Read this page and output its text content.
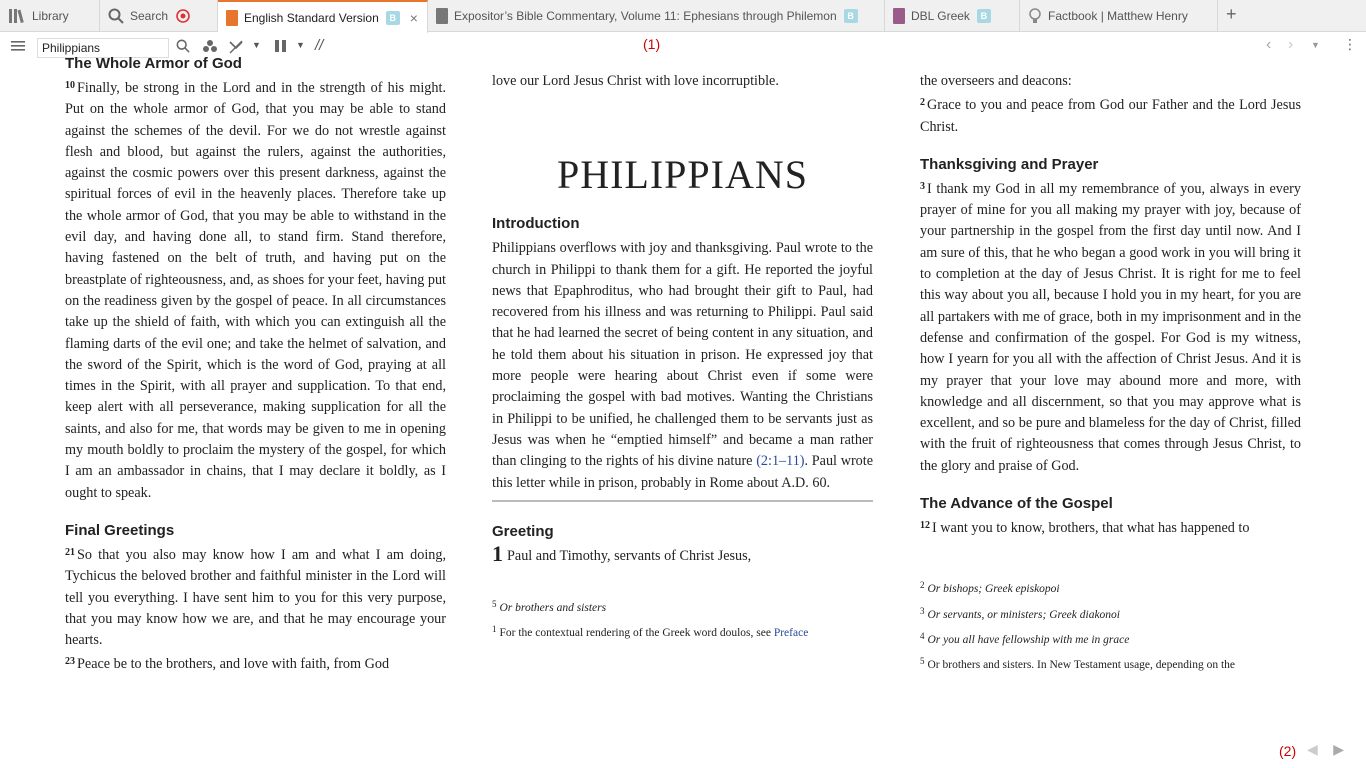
Library	Search	English Standard Version	B ×	Expositor’s Bible Commentary, Volume 11: Ephesians through Philemon	B	DBL Greek	B	Factbook | Matthew Henry +
Philippians
▼	▼ //	(1)	‹ › ▼ ⋮
The Whole Armor of God
$^{10}$ Finally, be strong in the Lord and in the strength of his might. Put on the whole armor of God, that you may be able to stand against the schemes of the devil. For we do not wrestle against flesh and blood, but against the rulers, against the authorities, against the cosmic powers over this present darkness, against the spiritual forces of evil in the heavenly places. Therefore take up the whole armor of God, that you may be able to withstand in the evil day, and having done all, to stand firm. Stand therefore, having fastened on the belt of truth, and having put on the breastplate of righteousness, and, as shoes for your feet, having put on the readiness given by the gospel of peace. In all circumstances take up the shield of faith, with which you can extinguish all the flaming darts of the evil one; and take the helmet of salvation, and the sword of the Spirit, which is the word of God, praying at all times in the Spirit, with all prayer and supplication. To that end, keep alert with all perseverance, making supplication for all the saints, and also for me, that words may be given to me in opening my mouth boldly to proclaim the mystery of the gospel, for which I am an ambassador in chains, that I may declare it boldly, as I ought to speak.
Final Greetings
$^{21}$ So that you also may know how I am and what I am doing, Tychicus the beloved brother and faithful minister in the Lord will tell you everything. I have sent him to you for this very purpose, that you may know how we are, and that he may encourage your hearts.
$^{23}$ Peace be to the brothers, and love with faith, from God
love our Lord Jesus Christ with love incorruptible.
PHILIPPIANS
Introduction
Philippians overflows with joy and thanksgiving. Paul wrote to the church in Philippi to thank them for a gift. He reported the joyful news that Epaphroditus, who had brought their gift to Paul, had recovered from his illness and was returning to Philippi. Paul said that he had learned the secret of being content in any situation, and he told them about his situation in prison. He expressed joy that more people were hearing about Christ even if some were proclaiming the gospel with bad motives. Wanting the Christians in Philippi to be unified, he challenged them to be servants just as Jesus was when he “emptied himself” and became a man rather than clinging to the rights of his divine nature (2:1–11). Paul wrote this letter while in prison, probably in Rome about A.D. 60.
Greeting
1 Paul and Timothy, servants of Christ Jesus,
$^5$ Or brothers and sisters
$^1$ For the contextual rendering of the Greek word doulos, see Preface
the overseers and deacons:
$^2$ Grace to you and peace from God our Father and the Lord Jesus Christ.
Thanksgiving and Prayer
$^3$ I thank my God in all my remembrance of you, always in every prayer of mine for you all making my prayer with joy, because of your partnership in the gospel from the first day until now. And I am sure of this, that he who began a good work in you will bring it to completion at the day of Jesus Christ. It is right for me to feel this way about you all, because I hold you in my heart, for you are all partakers with me of grace, both in my imprisonment and in the defense and confirmation of the gospel. For God is my witness, how I yearn for you all with the affection of Christ Jesus. And it is my prayer that your love may abound more and more, with knowledge and all discernment, so that you may approve what is excellent, and so be pure and blameless for the day of Christ, filled with the fruit of righteousness that comes through Jesus Christ, to the glory and praise of God.
The Advance of the Gospel
$^{12}$ I want you to know, brothers, that what has happened to
$^2$ Or bishops; Greek episkopoi
$^3$ Or servants, or ministers; Greek diakonoi
$^4$ Or you all have fellowship with me in grace
$^5$ Or brothers and sisters. In New Testament usage, depending on the
(2) ◀ ▶
